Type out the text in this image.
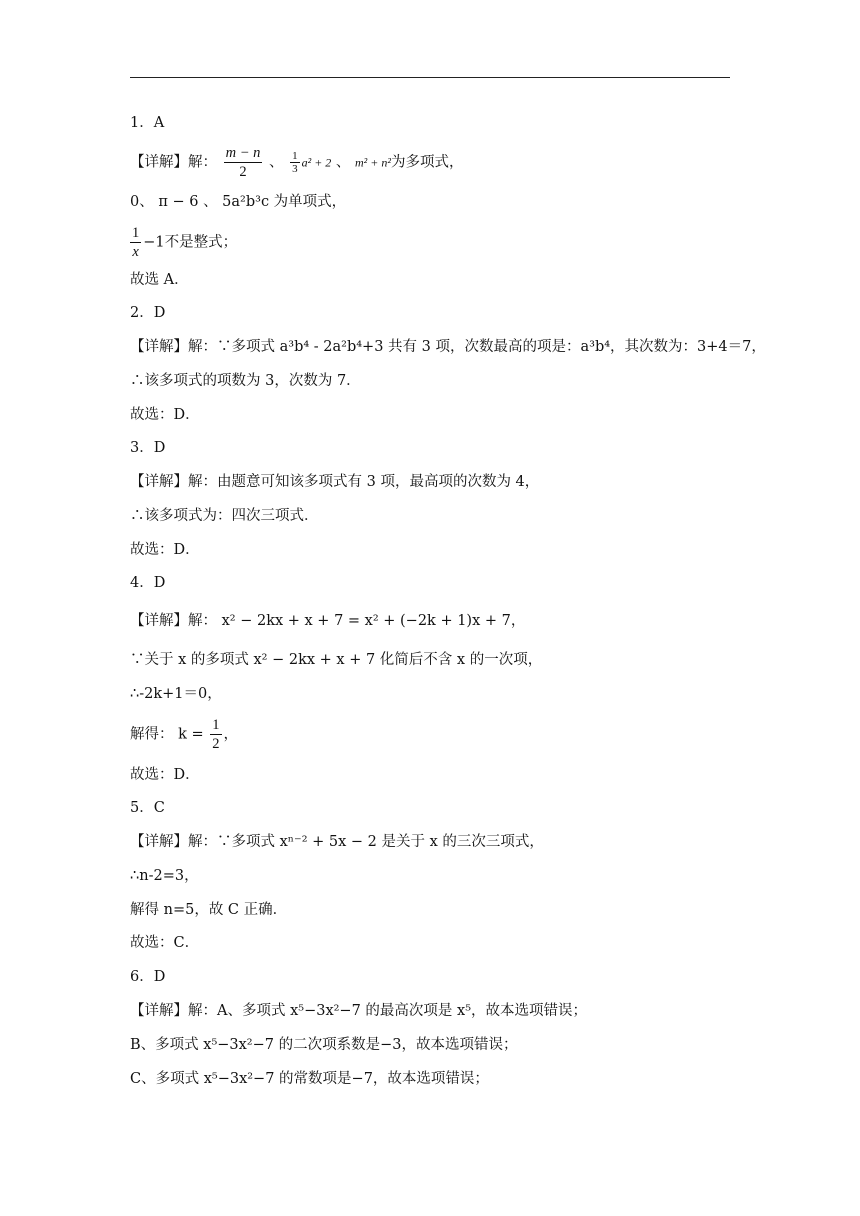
1．A
【详解】解： $\frac{m - n}{2}$ 、 $\frac{1}{3} a^2 + 2$ 、 m² + n²为多项式，
0、 π − 6 、 5a²b³c 为单项式，
$\frac{1}{x} -1$不是整式；
故选 A．
2．D
【详解】解：∵多项式 a³b⁴ - 2a²b⁴+3 共有 3 项，次数最高的项是：a³b⁴，其次数为：3+4＝7，
∴该多项式的项数为 3，次数为 7．
故选：D．
3．D
【详解】解：由题意可知该多项式有 3 项，最高项的次数为 4，
∴该多项式为：四次三项式．
故选：D．
4．D
【详解】解： x² − 2kx + x + 7 = x² + (−2k + 1)x + 7，
∵关于 x 的多项式 x² − 2kx + x + 7 化简后不含 x 的一次项，
∴-2k+1＝0，
解得： $k = \frac{1}{2}$ ，
故选：D．
5．C
【详解】解：∵多项式 xⁿ⁻² + 5x − 2 是关于 x 的三次三项式，
∴n-2=3，
解得 n=5，故 C 正确．
故选：C．
6．D
【详解】解：A、多项式 x⁵−3x²−7 的最高次项是 x⁵，故本选项错误；
B、多项式 x⁵−3x²−7 的二次项系数是−3，故本选项错误；
C、多项式 x⁵−3x²−7 的常数项是−7，故本选项错误；
